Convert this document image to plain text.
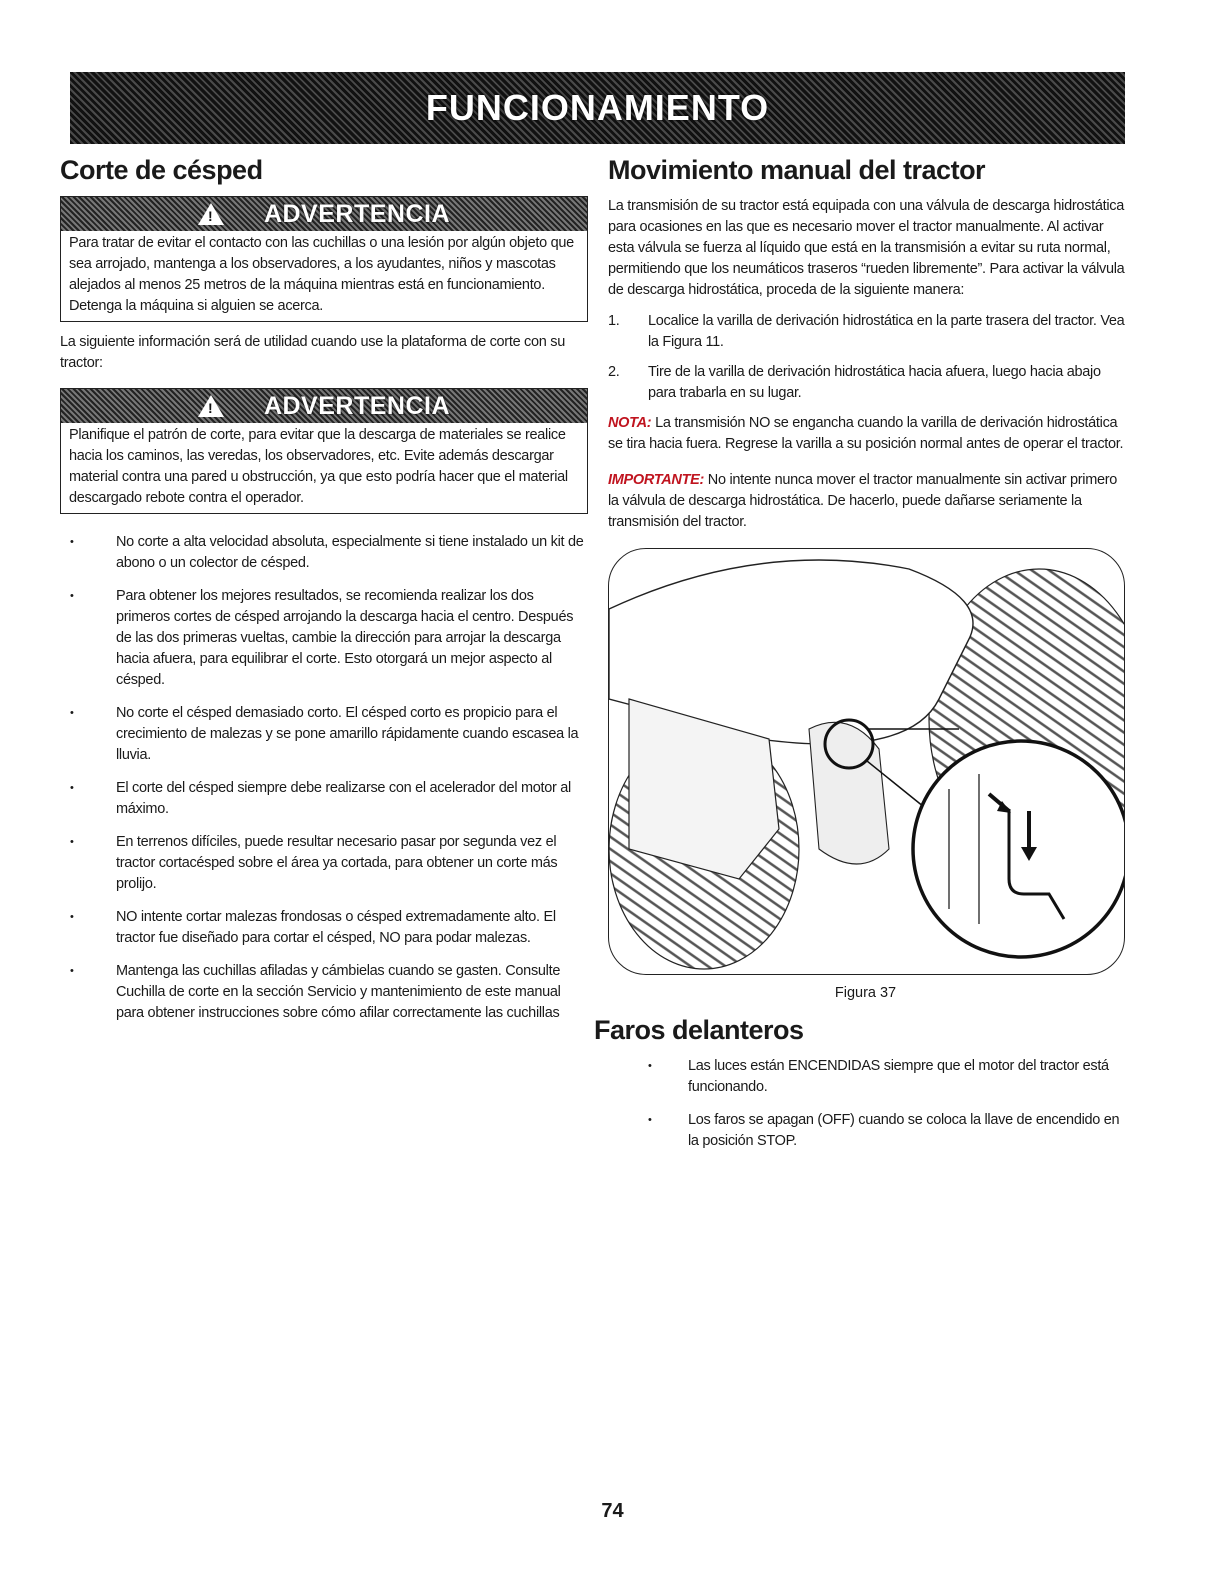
FUNCIONAMIENTO
Corte de césped
! ADVERTENCIA
Para tratar de evitar el contacto con las cuchillas o una lesión por algún objeto que sea arrojado, mantenga a los observadores, a los ayudantes, niños y mascotas alejados al menos 25 metros de la máquina mientras está en funcionamiento. Detenga la máquina si alguien se acerca.

La siguiente información será de utilidad cuando use la plataforma de corte con su tractor:

! ADVERTENCIA
Planifique el patrón de corte, para evitar que la descarga de materiales se realice hacia los caminos, las veredas, los observadores, etc. Evite además descargar material contra una pared u obstrucción, ya que esto podría hacer que el material descargado rebote contra el operador.
• No corte a alta velocidad absoluta, especialmente si tiene instalado un kit de abono o un colector de césped.
• Para obtener los mejores resultados, se recomienda realizar los dos primeros cortes de césped arrojando la descarga hacia el centro. Después de las dos primeras vueltas, cambie la dirección para arrojar la descarga hacia afuera, para equilibrar el corte. Esto otorgará un mejor aspecto al césped.
• No corte el césped demasiado corto. El césped corto es propicio para el crecimiento de malezas y se pone amarillo rápidamente cuando escasea la lluvia.
• El corte del césped siempre debe realizarse con el acelerador del motor al máximo.
• En terrenos difíciles, puede resultar necesario pasar por segunda vez el tractor cortacésped sobre el área ya cortada, para obtener un corte más prolijo.
• NO intente cortar malezas frondosas o césped extremadamente alto. El tractor fue diseñado para cortar el césped, NO para podar malezas.
• Mantenga las cuchillas afiladas y cámbielas cuando se gasten. Consulte Cuchilla de corte en la sección Servicio y mantenimiento de este manual para obtener instrucciones sobre cómo afilar correctamente las cuchillas
Movimiento manual del tractor

La transmisión de su tractor está equipada con una válvula de descarga hidrostática para ocasiones en las que es necesario mover el tractor manualmente. Al activar esta válvula se fuerza al líquido que está en la transmisión a evitar su ruta normal, permitiendo que los neumáticos traseros “rueden libremente”. Para activar la válvula de descarga hidrostática, proceda de la siguiente manera:

1. Localice la varilla de derivación hidrostática en la parte trasera del tractor. Vea la Figura 11.
2. Tire de la varilla de derivación hidrostática hacia afuera, luego hacia abajo para trabarla en su lugar.

NOTA: La transmisión NO se engancha cuando la varilla de derivación hidrostática se tira hacia fuera. Regrese la varilla a su posición normal antes de operar el tractor.

IMPORTANTE: No intente nunca mover el tractor manualmente sin activar primero la válvula de descarga hidrostática. De hacerlo, puede dañarse seriamente la transmisión del tractor.

Figura 37
Faros delanteros
• Las luces están ENCENDIDAS siempre que el motor del tractor está funcionando.
• Los faros se apagan (OFF) cuando se coloca la llave de encendido en la posición STOP.
74
